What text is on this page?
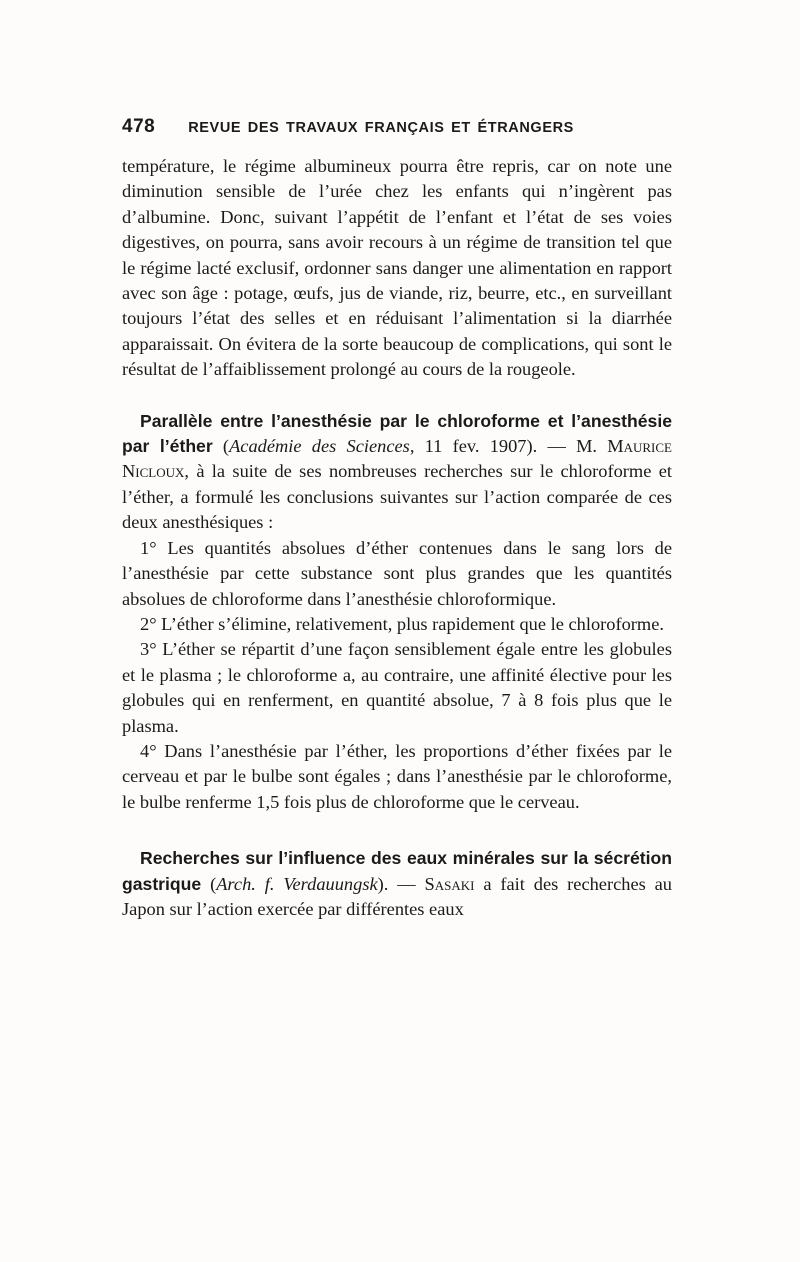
478 REVUE DES TRAVAUX FRANÇAIS ET ÉTRANGERS

température, le régime albumineux pourra être repris, car on note une diminution sensible de l’urée chez les enfants qui n’ingèrent pas d’albumine. Donc, suivant l’appétit de l’enfant et l’état de ses voies digestives, on pourra, sans avoir recours à un régime de transition tel que le régime lacté exclusif, ordonner sans danger une alimentation en rapport avec son âge : potage, œufs, jus de viande, riz, beurre, etc., en surveillant toujours l’état des selles et en réduisant l’alimentation si la diarrhée apparaissait. On évitera de la sorte beaucoup de complications, qui sont le résultat de l’affaiblissement prolongé au cours de la rougeole.

Parallèle entre l’anesthésie par le chloroforme et l’anesthésie par l’éther (Académie des Sciences, 11 fev. 1907). — M. Maurice Nicloux, à la suite de ses nombreuses recherches sur le chloroforme et l’éther, a formulé les conclusions suivantes sur l’action comparée de ces deux anesthésiques :

1° Les quantités absolues d’éther contenues dans le sang lors de l’anesthésie par cette substance sont plus grandes que les quantités absolues de chloroforme dans l’anesthésie chloroformique.

2° L’éther s’élimine, relativement, plus rapidement que le chloroforme.

3° L’éther se répartit d’une façon sensiblement égale entre les globules et le plasma ; le chloroforme a, au contraire, une affinité élective pour les globules qui en renferment, en quantité absolue, 7 à 8 fois plus que le plasma.

4° Dans l’anesthésie par l’éther, les proportions d’éther fixées par le cerveau et par le bulbe sont égales ; dans l’anesthésie par le chloroforme, le bulbe renferme 1,5 fois plus de chloroforme que le cerveau.

Recherches sur l’influence des eaux minérales sur la sécrétion gastrique (Arch. f. Verdauungsk). — Sasaki a fait des recherches au Japon sur l’action exercée par différentes eaux
